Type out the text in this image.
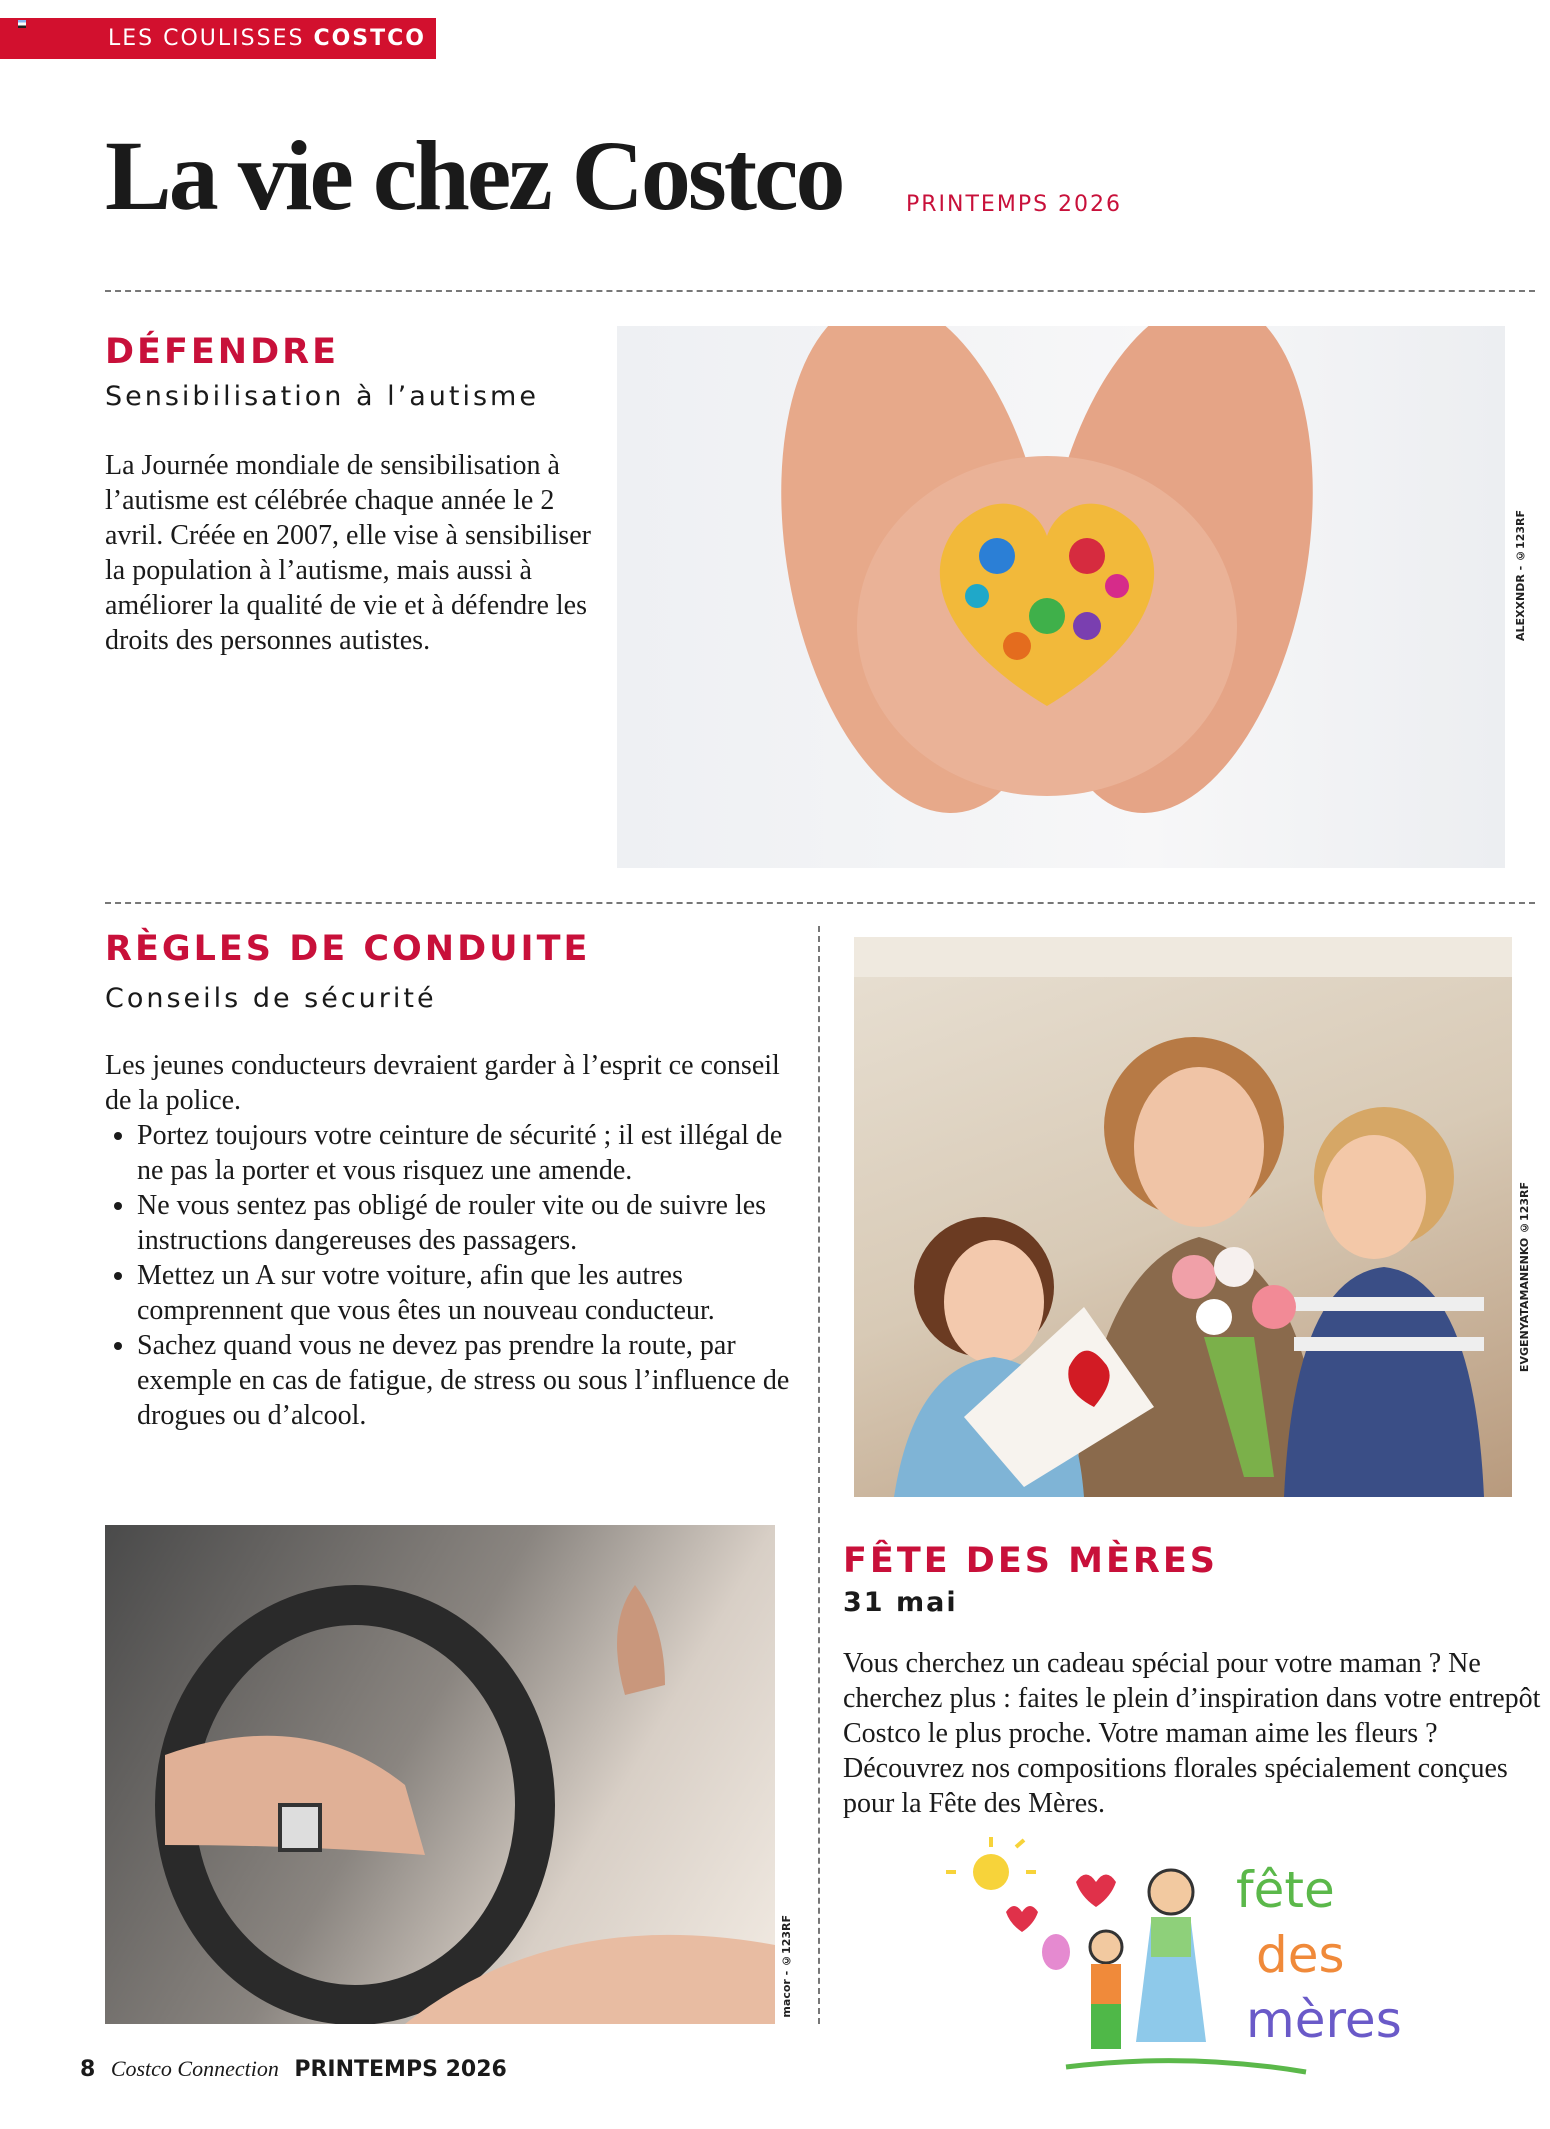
LES COULISSES COSTCO
La vie chez Costco	PRINTEMPS 2026
DÉFENDRE
Sensibilisation à l’autisme
La Journée mondiale de sensibilisation à l’autisme est célébrée chaque année le 2 avril. Créée en 2007, elle vise à sensibiliser la population à l’autisme, mais aussi à améliorer la qualité de vie et à défendre les droits des personnes autistes.	ALEXXNDR - ©123RF
RÈGLES DE CONDUITE
Conseils de sécurité
Les jeunes conducteurs devraient garder à l’esprit ce conseil de la police.
• Portez toujours votre ceinture de sécurité ; il est illégal de ne pas la porter et vous risquez une amende.
• Ne vous sentez pas obligé de rouler vite ou de suivre les instructions dangereuses des passagers.
• Mettez un A sur votre voiture, afin que les autres comprennent que vous êtes un nouveau conducteur.
• Sachez quand vous ne devez pas prendre la route, par exemple en cas de fatigue, de stress ou sous l’influence de drogues ou d’alcool.
macor - ©123RF
EVGENYATAMANENKO ©123RF
FÊTE DES MÈRES
31 mai
Vous cherchez un cadeau spécial pour votre maman ? Ne cherchez plus : faites le plein d’inspiration dans votre entrepôt Costco le plus proche. Votre maman aime les fleurs ? Découvrez nos compositions florales spécialement conçues pour la Fête des Mères.
fête
des
mères
8 Costco Connection PRINTEMPS 2026
